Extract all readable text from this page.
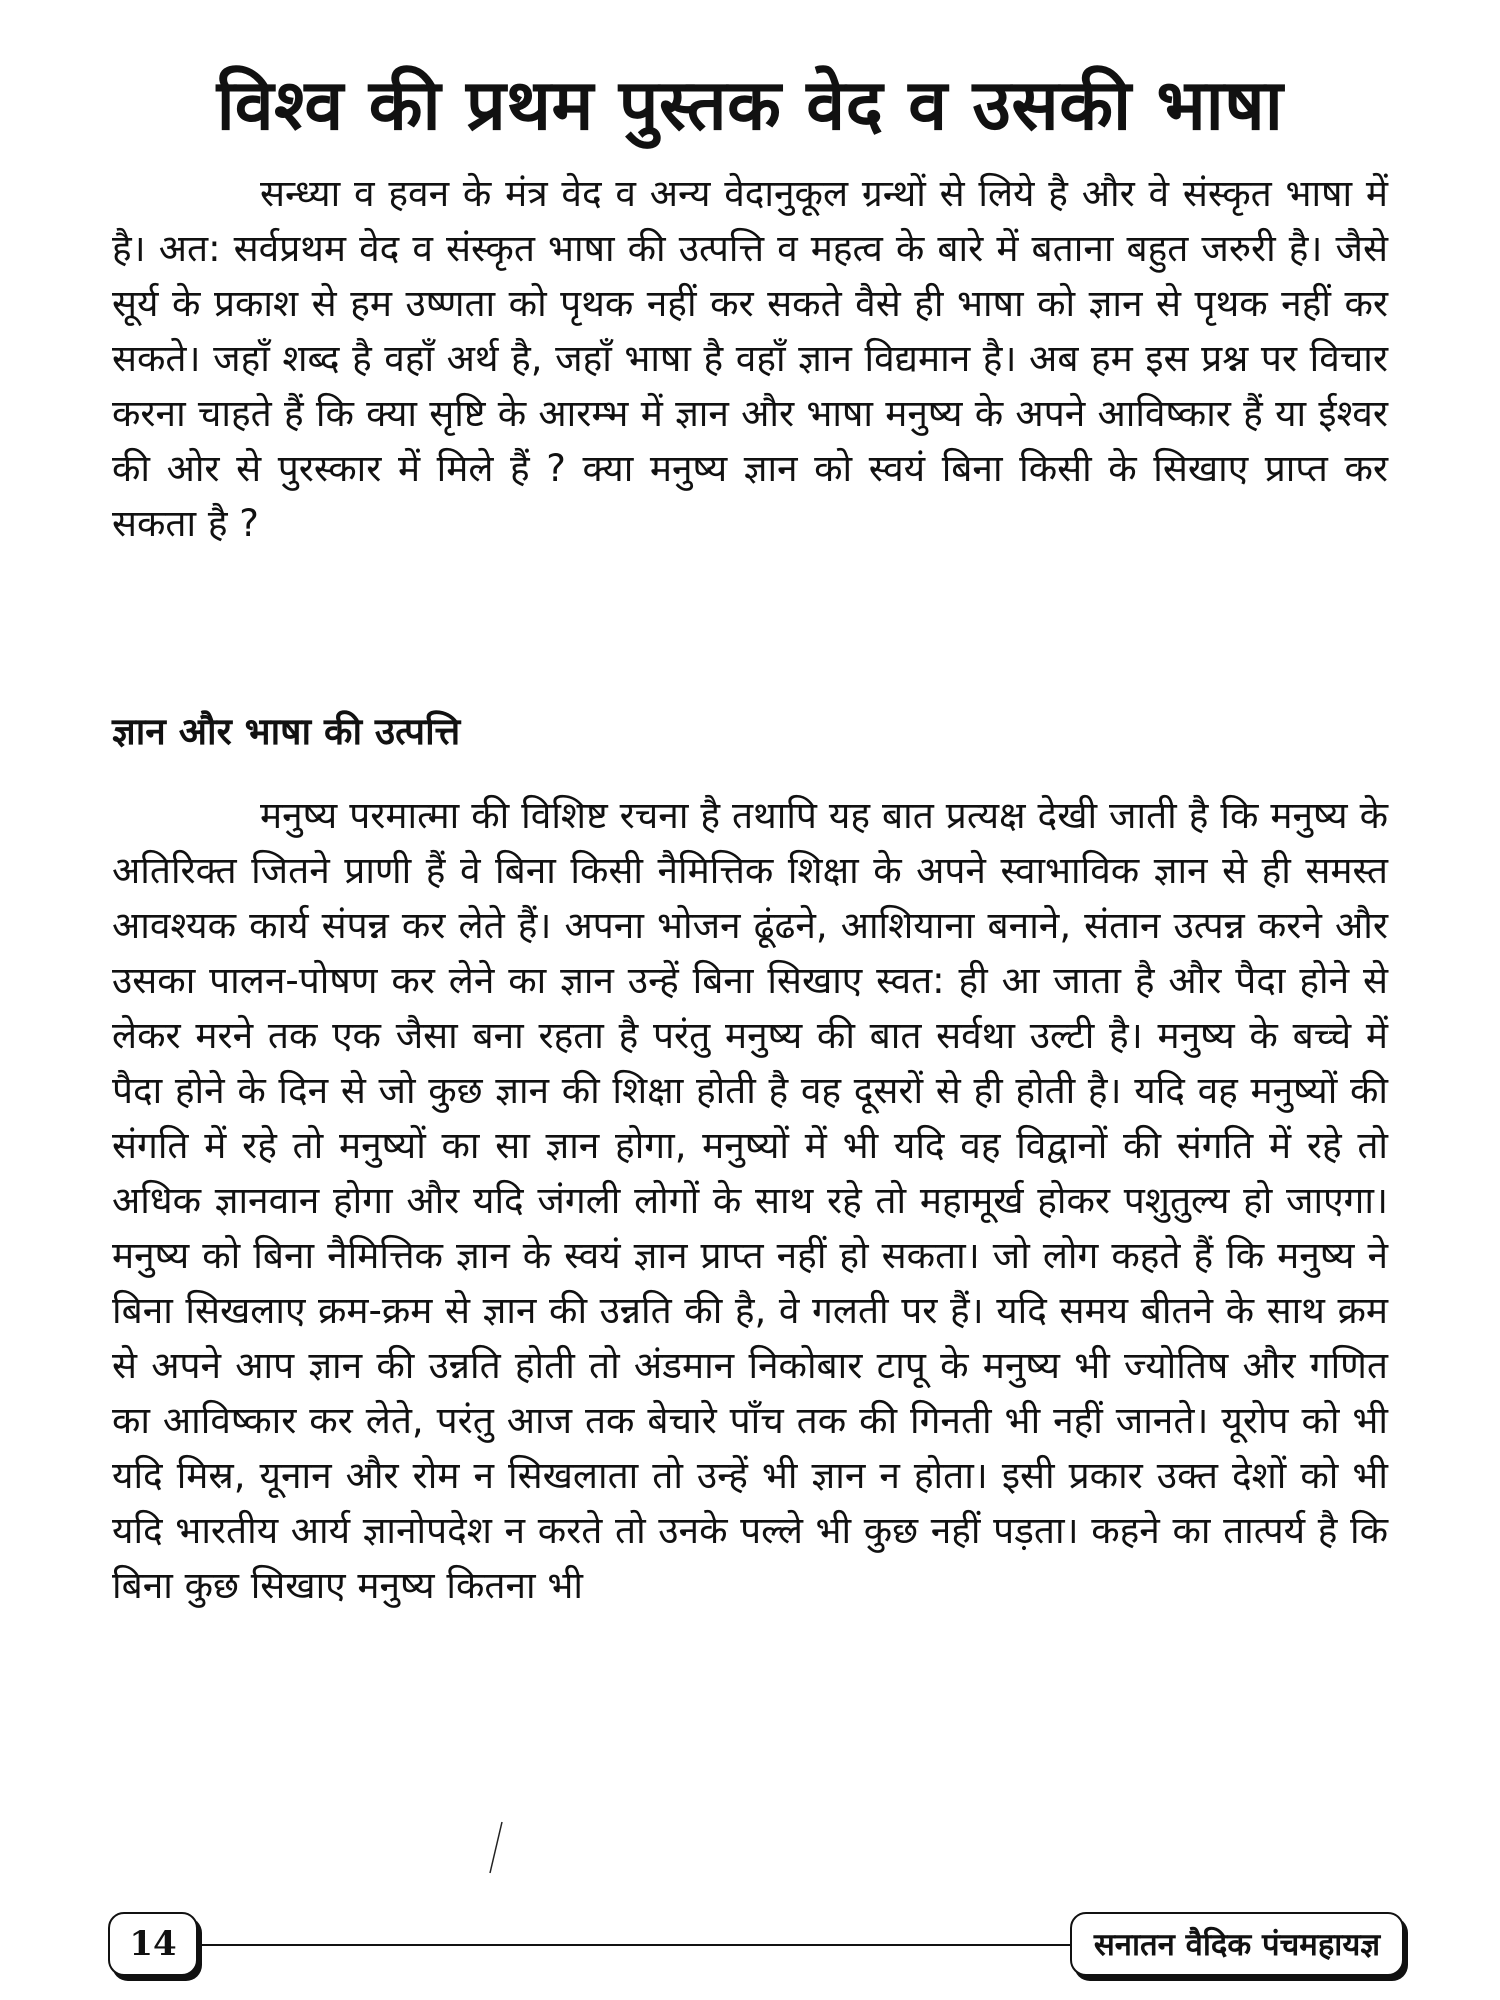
विश्व की प्रथम पुस्तक वेद व उसकी भाषा

सन्ध्या व हवन के मंत्र वेद व अन्य वेदानुकूल ग्रन्थों से लिये है और वे संस्कृत भाषा में है। अत: सर्वप्रथम वेद व संस्कृत भाषा की उत्पत्ति व महत्व के बारे में बताना बहुत जरुरी है। जैसे सूर्य के प्रकाश से हम उष्णता को पृथक नहीं कर सकते वैसे ही भाषा को ज्ञान से पृथक नहीं कर सकते। जहाँ शब्द है वहाँ अर्थ है, जहाँ भाषा है वहाँ ज्ञान विद्यमान है। अब हम इस प्रश्न पर विचार करना चाहते हैं कि क्या सृष्टि के आरम्भ में ज्ञान और भाषा मनुष्य के अपने आविष्कार हैं या ईश्वर की ओर से पुरस्कार में मिले हैं ? क्या मनुष्य ज्ञान को स्वयं बिना किसी के सिखाए प्राप्त कर सकता है ?

ज्ञान और भाषा की उत्पत्ति

मनुष्य परमात्मा की विशिष्ट रचना है तथापि यह बात प्रत्यक्ष देखी जाती है कि मनुष्य के अतिरिक्त जितने प्राणी हैं वे बिना किसी नैमित्तिक शिक्षा के अपने स्वाभाविक ज्ञान से ही समस्त आवश्यक कार्य संपन्न कर लेते हैं। अपना भोजन ढूंढने, आशियाना बनाने, संतान उत्पन्न करने और उसका पालन-पोषण कर लेने का ज्ञान उन्हें बिना सिखाए स्वत: ही आ जाता है और पैदा होने से लेकर मरने तक एक जैसा बना रहता है परंतु मनुष्य की बात सर्वथा उल्टी है। मनुष्य के बच्चे में पैदा होने के दिन से जो कुछ ज्ञान की शिक्षा होती है वह दूसरों से ही होती है। यदि वह मनुष्यों की संगति में रहे तो मनुष्यों का सा ज्ञान होगा, मनुष्यों में भी यदि वह विद्वानों की संगति में रहे तो अधिक ज्ञानवान होगा और यदि जंगली लोगों के साथ रहे तो महामूर्ख होकर पशुतुल्य हो जाएगा। मनुष्य को बिना नैमित्तिक ज्ञान के स्वयं ज्ञान प्राप्त नहीं हो सकता। जो लोग कहते हैं कि मनुष्य ने बिना सिखलाए क्रम-क्रम से ज्ञान की उन्नति की है, वे गलती पर हैं। यदि समय बीतने के साथ क्रम से अपने आप ज्ञान की उन्नति होती तो अंडमान निकोबार टापू के मनुष्य भी ज्योतिष और गणित का आविष्कार कर लेते, परंतु आज तक बेचारे पाँच तक की गिनती भी नहीं जानते। यूरोप को भी यदि मिस्र, यूनान और रोम न सिखलाता तो उन्हें भी ज्ञान न होता। इसी प्रकार उक्त देशों को भी यदि भारतीय आर्य ज्ञानोपदेश न करते तो उनके पल्ले भी कुछ नहीं पड़ता। कहने का तात्पर्य है कि बिना कुछ सिखाए मनुष्य कितना भी

14	सनातन वैदिक पंचमहायज्ञ
